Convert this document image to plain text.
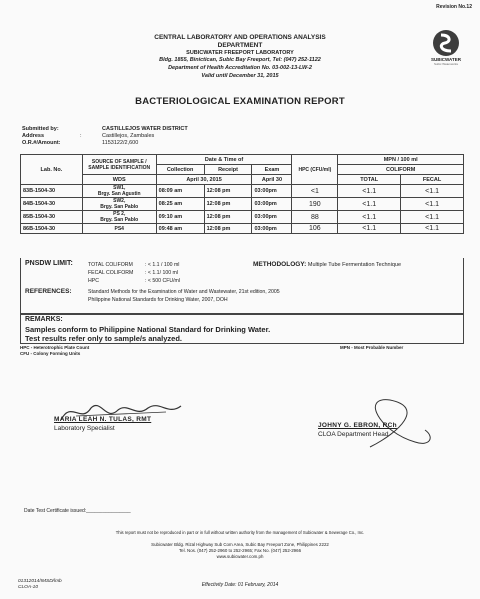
Revision No.12
CENTRAL LABORATORY AND OPERATIONS ANALYSIS
DEPARTMENT
SUBICWATER FREEPORT LABORATORY
Bldg. 1855, Binictican, Subic Bay Freeport, Tel: (047) 252-1122
Department of Health Accreditation No. 03-002-13-LW-2
Valid until December 31, 2015
SUBICWATER
Subic Waterworks
BACTERIOLOGICAL EXAMINATION REPORT
Submitted by:	CASTILLEJOS WATER DISTRICT
Address	:	Castillejos, Zambales
O.R.#/Amount:	1153122/2,600
Lab. No.	SOURCE OF SAMPLE / SAMPLE IDENTIFICATION	Date & Time of			HPC (CFU/ml)	MPN / 100 ml	
		Collection	Receipt	Exam		COLIFORM	
	WDS	April 30, 2015		April 30		TOTAL	FECAL
83B-1504-30	SW1,
Brgy. San Agustin	08:09 am	12:08 pm	03:00pm	<1	<1.1	<1.1
84B-1504-30	SW2,
Brgy. San Pablo	08:25 am	12:08 pm	03:00pm	190	<1.1	<1.1
85B-1504-30	PS 2,
Brgy. San Pablo	09:10 am	12:08 pm	03:00pm	88	<1.1	<1.1
86B-1504-30	PS4	09:48 am	12:08 pm	03:00pm	106	<1.1	<1.1
PNSDW LIMIT:	TOTAL COLIFORM	: < 1.1 / 100 ml
FECAL COLIFORM	: < 1.1/ 100 ml
HPC	: < 500 CFU/ml
METHODOLOGY: Multiple Tube Fermentation Technique
REFERENCES:	Standard Methods for the Examination of Water and Wastewater, 21st edition, 2005
Philippine National Standards for Drinking Water, 2007, DOH
REMARKS:
Samples conform to Philippine National Standard for Drinking Water.
Test results refer only to sample/s analyzed.
HPC - Heterotrophic Plate Count
CFU - Colony Forming Units
MPN - Most Probable Number
MARIA LEAH N. TULAS, RMT
Laboratory Specialist	JOHNY G. EBRON, RCh
CLOA Department Head
Date Test Certificate issued:________________
This report must not be reproduced in part or in full without written authority from the management of Subicwater & Sewerage Co., Inc.
Subicwater Bldg. Rizal Highway Sub Com Area, Subic Bay Freeport Zone, Philippines 2222
Tel. Nos. (047) 252-2960 to 252-2965; Fax No. (047) 252-2966
www.subicwater.com.ph
01312014/IMSD/lmb
CLOA-10	Effectivity Date: 01 February, 2014
